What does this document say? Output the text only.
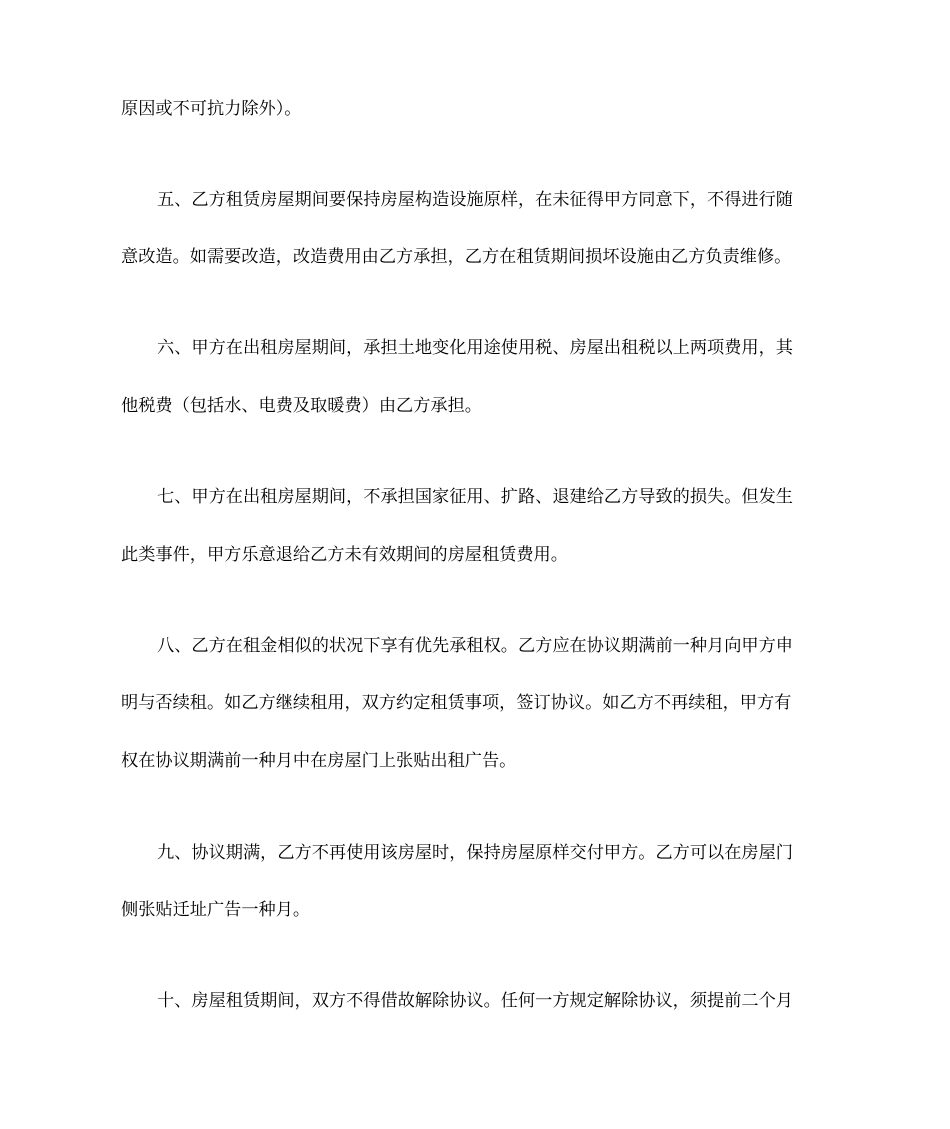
原因或不可抗力除外）。
五、乙方租赁房屋期间要保持房屋构造设施原样，在未征得甲方同意下，不得进行随
意改造。如需要改造，改造费用由乙方承担，乙方在租赁期间损坏设施由乙方负责维修。
六、甲方在出租房屋期间，承担土地变化用途使用税、房屋出租税以上两项费用，其
他税费（包括水、电费及取暖费）由乙方承担。
七、甲方在出租房屋期间，不承担国家征用、扩路、退建给乙方导致的损失。但发生
此类事件，甲方乐意退给乙方未有效期间的房屋租赁费用。
八、乙方在租金相似的状况下享有优先承租权。乙方应在协议期满前一种月向甲方申
明与否续租。如乙方继续租用，双方约定租赁事项，签订协议。如乙方不再续租，甲方有
权在协议期满前一种月中在房屋门上张贴出租广告。
九、协议期满，乙方不再使用该房屋时，保持房屋原样交付甲方。乙方可以在房屋门
侧张贴迁址广告一种月。
十、房屋租赁期间，双方不得借故解除协议。任何一方规定解除协议，须提前二个月
